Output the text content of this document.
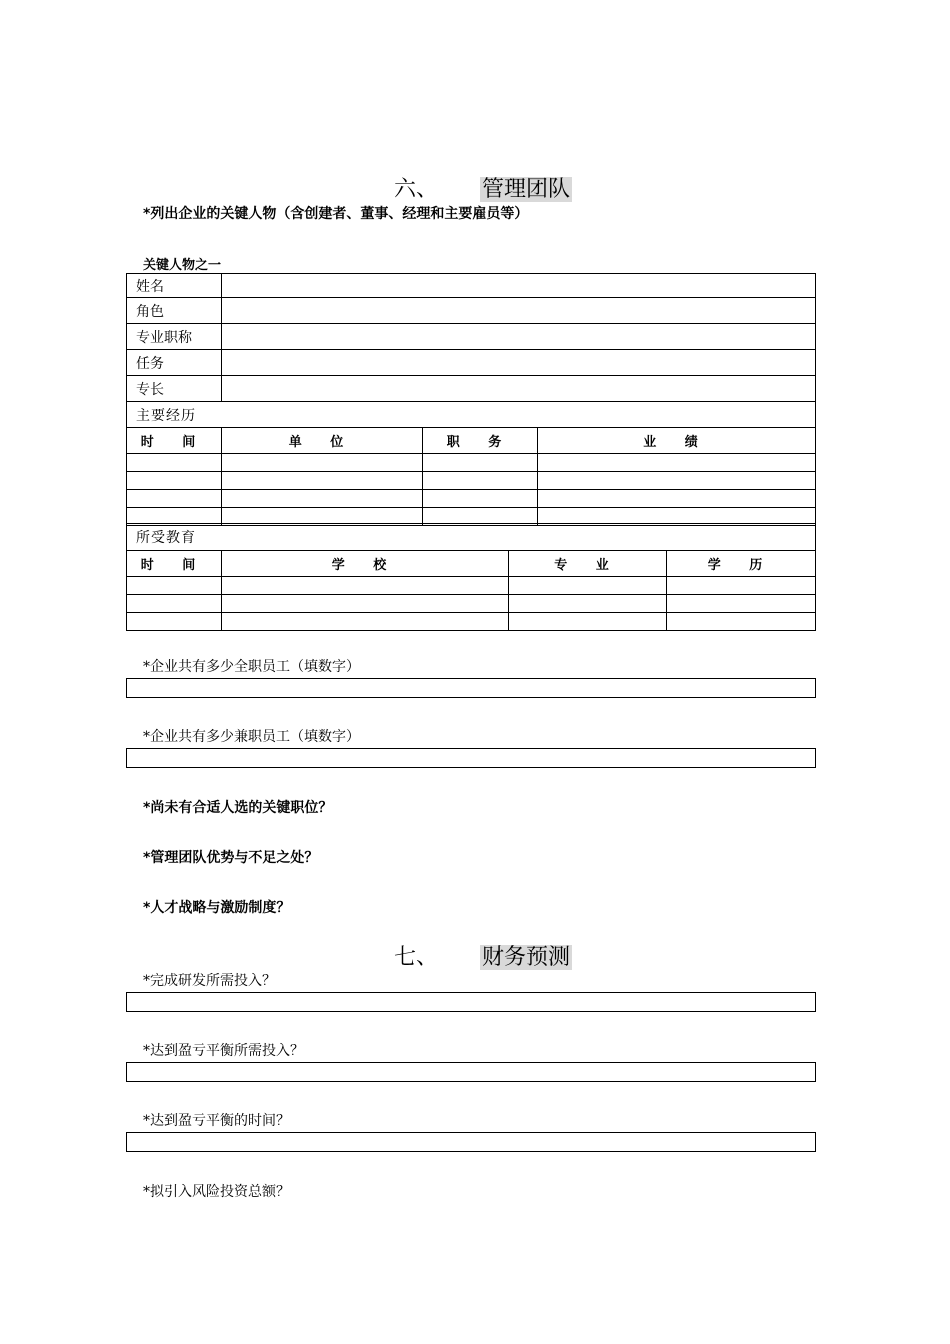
六、 管理团队
*列出企业的关键人物（含创建者、董事、经理和主要雇员等）
关键人物之一
姓名			
角色			
专业职称			
任务			
专长			
主要经历			
时 间	单 位	职 务	业 绩

所受教育			
时 间	学 校	专 业	学 历

*企业共有多少全职员工（填数字）
*企业共有多少兼职员工（填数字）
*尚未有合适人选的关键职位？
*管理团队优势与不足之处？
*人才战略与激励制度？
七、 财务预测
*完成研发所需投入？
*达到盈亏平衡所需投入？
*达到盈亏平衡的时间？
*拟引入风险投资总额？
